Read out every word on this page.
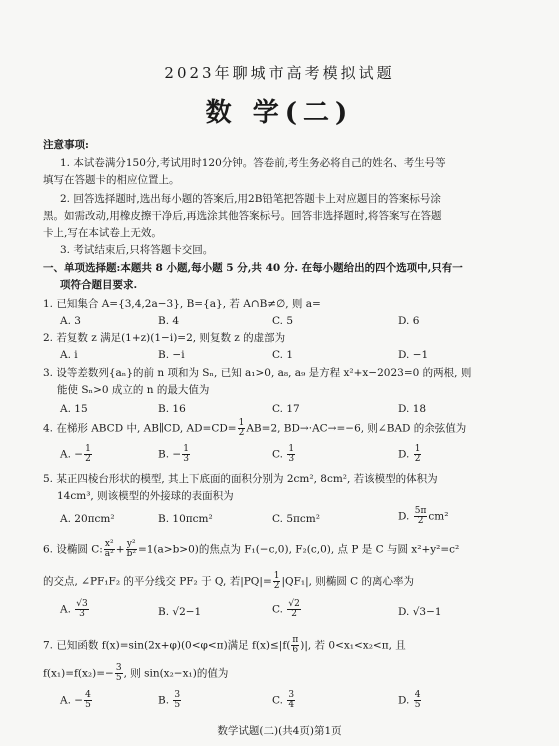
2023年聊城市高考模拟试题
数 学(二)
注意事项:
1. 本试卷满分150分,考试用时120分钟。答卷前,考生务必将自己的姓名、考生号等
填写在答题卡的相应位置上。
2. 回答选择题时,选出每小题的答案后,用2B铅笔把答题卡上对应题目的答案标号涂
黑。如需改动,用橡皮擦干净后,再选涂其他答案标号。回答非选择题时,将答案写在答题
卡上,写在本试卷上无效。
3. 考试结束后,只将答题卡交回。
一、单项选择题:本题共 8 小题,每小题 5 分,共 40 分. 在每小题给出的四个选项中,只有一
项符合题目要求.
1. 已知集合 A={3,4,2a−3}, B={a}, 若 A∩B≠∅, 则 a=
A. 3	B. 4	C. 5	D. 6
2. 若复数 z 满足(1+z)(1−i)=2, 则复数 z 的虚部为
A. i	B. −i	C. 1	D. −1
3. 设等差数列{aₙ}的前 n 项和为 Sₙ, 已知 a₁>0, a₈, a₉ 是方程 x²+x−2023=0 的两根, 则
能使 Sₙ>0 成立的 n 的最大值为
A. 15	B. 16	C. 17	D. 18
4. 在梯形 ABCD 中, AB∥CD, $AD=CD= \frac{1}{2} AB=2$, BD→·AC→=−6, 则∠BAD 的余弦值为
A. − $\frac{1}{2}$	B. − $\frac{1}{3}$	C. $\frac{1}{3}$	D. $\frac{1}{2}$
5. 某正四棱台形状的模型, 其上下底面的面积分别为 2cm², 8cm², 若该模型的体积为
14cm³, 则该模型的外接球的表面积为
A. 20πcm²	B. 10πcm²	C. 5πcm²	D. $\frac{5\pi}{2} cm^2$
6. 设椭圆 C: $\frac{\text{x²}}{\text{a²}} + \frac{\text{y²}}{\text{b²}} =1(a>b>0)$的焦点为 F₁(−c,0), F₂(c,0), 点 P 是 C 与圆 x²+y²=c²
的交点, ∠PF₁F₂ 的平分线交 PF₂ 于 Q, 若$|PQ|= \frac{1}{2} |QF_1|$, 则椭圆 C 的离心率为
A. $\frac{√3}{3}$	B. √2−1	C. $\frac{√2}{2}$	D. √3−1
7. 已知函数 f(x)=sin(2x+φ)(0<φ<π)满足 $f(x)\le|f( \frac{\pi}{6}$ )|, 若 0<x₁<x₂<π, 且
$f(x_1)=f(x_2)=- \frac{3}{5}$ , 则 sin(x₂−x₁)的值为
A. − $\frac{4}{5}$	B. $\frac{3}{5}$	C. $\frac{3}{4}$	D. $\frac{4}{5}$
数学试题(二)(共4页)第1页
